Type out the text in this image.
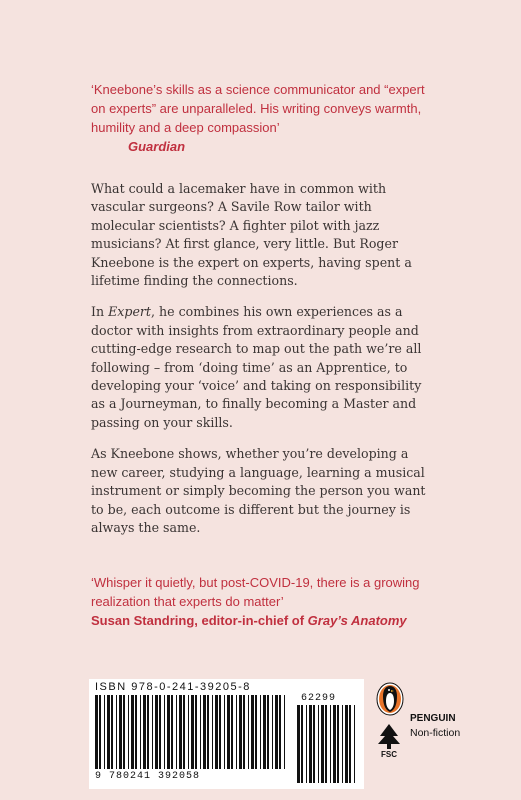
‘Kneebone’s skills as a science communicator and “expert on experts” are unparalleled. His writing conveys warmth, humility and a deep compassion’
Guardian

What could a lacemaker have in common with vascular surgeons? A Savile Row tailor with molecular scientists? A fighter pilot with jazz musicians? At first glance, very little. But Roger Kneebone is the expert on experts, having spent a lifetime finding the connections.

In Expert, he combines his own experiences as a doctor with insights from extraordinary people and cutting-edge research to map out the path we’re all following – from ‘doing time’ as an Apprentice, to developing your ‘voice’ and taking on responsibility as a Journeyman, to finally becoming a Master and passing on your skills.

As Kneebone shows, whether you’re developing a new career, studying a language, learning a musical instrument or simply becoming the person you want to be, each outcome is different but the journey is always the same.

‘Whisper it quietly, but post-COVID-19, there is a growing realization that experts do matter’
Susan Standring, editor-in-chief of Gray’s Anatomy
62299
ISBN 978-0-241-39205-8
9 780241 392058
FSC
PENGUIN
Non-fiction
